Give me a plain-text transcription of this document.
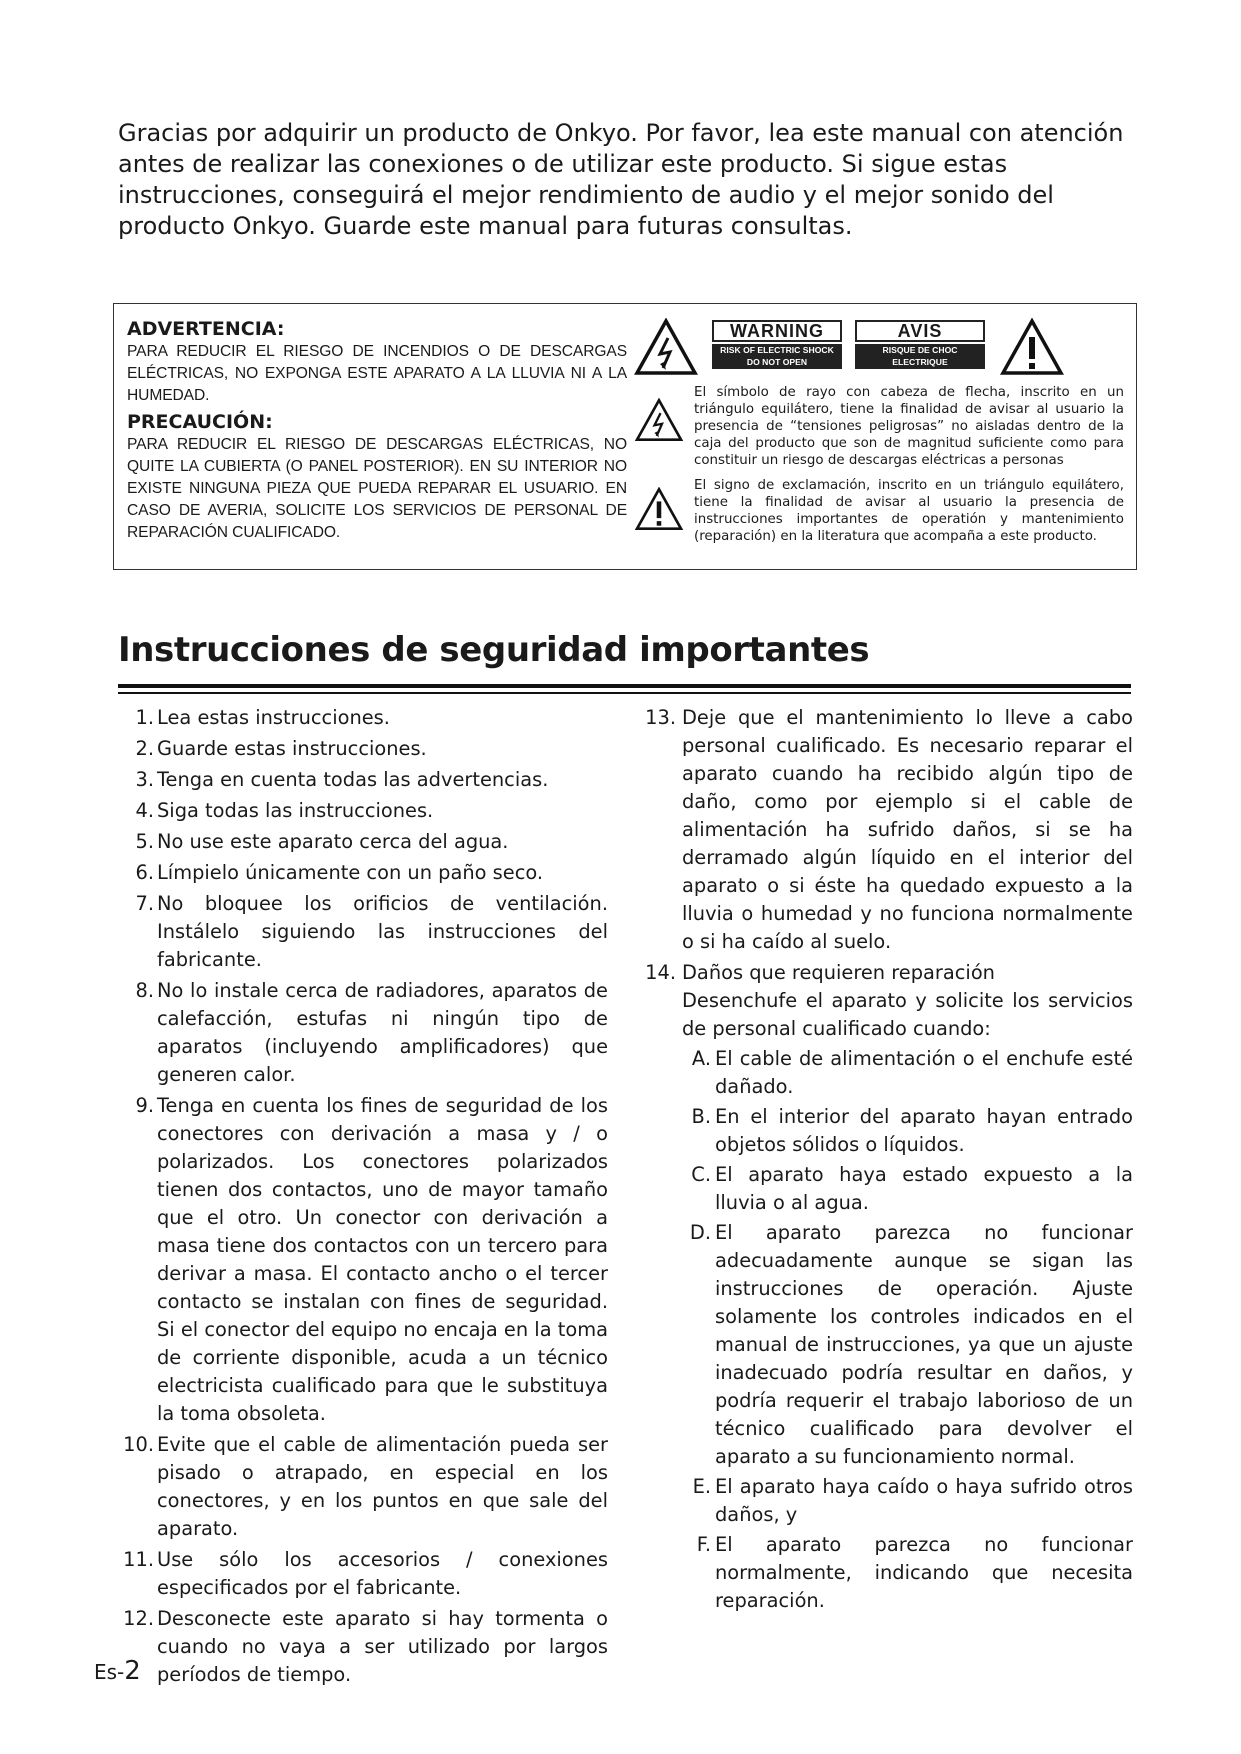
Gracias por adquirir un producto de Onkyo. Por favor, lea este manual con atención antes de realizar las conexiones o de utilizar este producto. Si sigue estas instrucciones, conseguirá el mejor rendimiento de audio y el mejor sonido del producto Onkyo. Guarde este manual para futuras consultas.
ADVERTENCIA:
PARA REDUCIR EL RIESGO DE INCENDIOS O DE DESCARGAS ELÉCTRICAS, NO EXPONGA ESTE APARATO A LA LLUVIA NI A LA HUMEDAD.
PRECAUCIÓN:
PARA REDUCIR EL RIESGO DE DESCARGAS ELÉCTRICAS, NO QUITE LA CUBIERTA (O PANEL POSTERIOR). EN SU INTERIOR NO EXISTE NINGUNA PIEZA QUE PUEDA REPARAR EL USUARIO. EN CASO DE AVERIA, SOLICITE LOS SERVICIOS DE PERSONAL DE REPARACIÓN CUALIFICADO.
WARNING
RISK OF ELECTRIC SHOCK
DO NOT OPEN
AVIS
RISQUE DE CHOC ELECTRIQUE
NE PAS OUVRIR
El símbolo de rayo con cabeza de flecha, inscrito en un triángulo equilátero, tiene la finalidad de avisar al usuario la presencia de “tensiones peligrosas” no aisladas dentro de la caja del producto que son de magnitud suficiente como para constituir un riesgo de descargas eléctricas a personas
El signo de exclamación, inscrito en un triángulo equilátero, tiene la finalidad de avisar al usuario la presencia de instrucciones importantes de operatión y mantenimiento (reparación) en la literatura que acompaña a este producto.
Instrucciones de seguridad importantes
1. Lea estas instrucciones.
2. Guarde estas instrucciones.
3. Tenga en cuenta todas las advertencias.
4. Siga todas las instrucciones.
5. No use este aparato cerca del agua.
6. Límpielo únicamente con un paño seco.
7. No bloquee los orificios de ventilación. Instálelo siguiendo las instrucciones del fabricante.
8. No lo instale cerca de radiadores, aparatos de calefacción, estufas ni ningún tipo de aparatos (incluyendo amplificadores) que generen calor.
9. Tenga en cuenta los fines de seguridad de los conectores con derivación a masa y / o polarizados. Los conectores polarizados tienen dos contactos, uno de mayor tamaño que el otro. Un conector con derivación a masa tiene dos contactos con un tercero para derivar a masa. El contacto ancho o el tercer contacto se instalan con fines de seguridad. Si el conector del equipo no encaja en la toma de corriente disponible, acuda a un técnico electricista cualificado para que le substituya la toma obsoleta.
10. Evite que el cable de alimentación pueda ser pisado o atrapado, en especial en los conectores, y en los puntos en que sale del aparato.
11. Use sólo los accesorios / conexiones especificados por el fabricante.
12. Desconecte este aparato si hay tormenta o cuando no vaya a ser utilizado por largos períodos de tiempo.
13. Deje que el mantenimiento lo lleve a cabo personal cualificado. Es necesario reparar el aparato cuando ha recibido algún tipo de daño, como por ejemplo si el cable de alimentación ha sufrido daños, si se ha derramado algún líquido en el interior del aparato o si éste ha quedado expuesto a la lluvia o humedad y no funciona normalmente o si ha caído al suelo.
14. Daños que requieren reparación
Desenchufe el aparato y solicite los servicios de personal cualificado cuando:
A. El cable de alimentación o el enchufe esté dañado.
B. En el interior del aparato hayan entrado objetos sólidos o líquidos.
C. El aparato haya estado expuesto a la lluvia o al agua.
D. El aparato parezca no funcionar adecuadamente aunque se sigan las instrucciones de operación. Ajuste solamente los controles indicados en el manual de instrucciones, ya que un ajuste inadecuado podría resultar en daños, y podría requerir el trabajo laborioso de un técnico cualificado para devolver el aparato a su funcionamiento normal.
E. El aparato haya caído o haya sufrido otros daños, y
F. El aparato parezca no funcionar normalmente, indicando que necesita reparación.
Es-2
